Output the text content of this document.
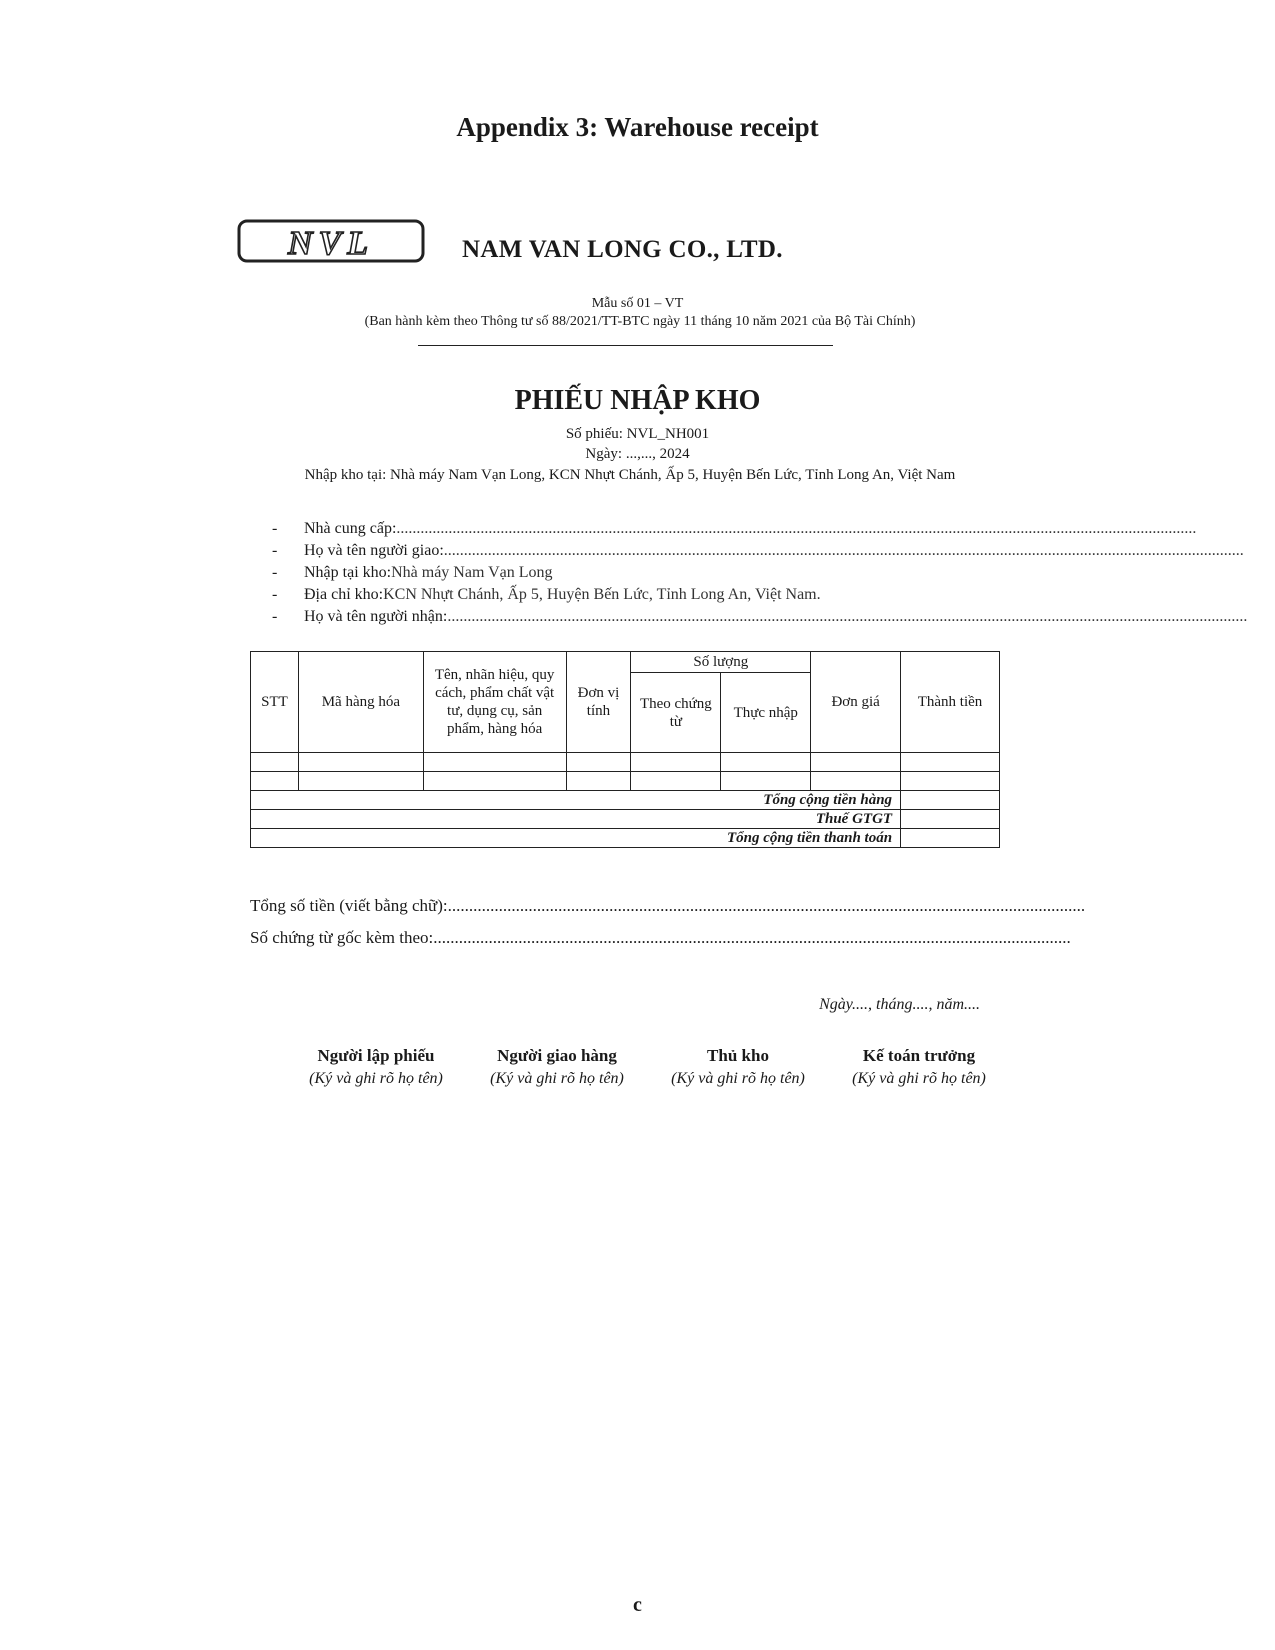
Appendix 3: Warehouse receipt
NVL	NAM VAN LONG CO., LTD.
Mẫu số 01 – VT
(Ban hành kèm theo Thông tư số 88/2021/TT-BTC ngày 11 tháng 10 năm 2021 của Bộ Tài Chính)
PHIẾU NHẬP KHO
Số phiếu: NVL_NH001
Ngày: ...,..., 2024
Nhập kho tại: Nhà máy Nam Vạn Long, KCN Nhựt Chánh, Ấp 5, Huyện Bến Lức, Tỉnh Long An, Việt Nam
-	Nhà cung cấp: ........................................................................................................................................................................................................
-	Họ và tên người giao: ........................................................................................................................................................................................................
-	Nhập tại kho: Nhà máy Nam Vạn Long
-	Địa chỉ kho: KCN Nhựt Chánh, Ấp 5, Huyện Bến Lức, Tỉnh Long An, Việt Nam.
-	Họ và tên người nhận: ........................................................................................................................................................................................................
STT	Mã hàng hóa	Tên, nhãn hiệu, quy cách, phẩm chất vật tư, dụng cụ, sản phẩm, hàng hóa	Đơn vị tính	Số lượng		Đơn giá	Thành tiền
				Theo chứng từ	Thực nhập		

Tổng cộng tiền hàng							
Thuế GTGT							
Tổng cộng tiền thanh toán							
Tổng số tiền (viết bằng chữ): ......................................................................................................................................................
Số chứng từ gốc kèm theo: ......................................................................................................................................................
Ngày...., tháng...., năm....
Người lập phiếu
(Ký và ghi rõ họ tên)
Người giao hàng
(Ký và ghi rõ họ tên)
Thủ kho
(Ký và ghi rõ họ tên)
Kế toán trưởng
(Ký và ghi rõ họ tên)
c
